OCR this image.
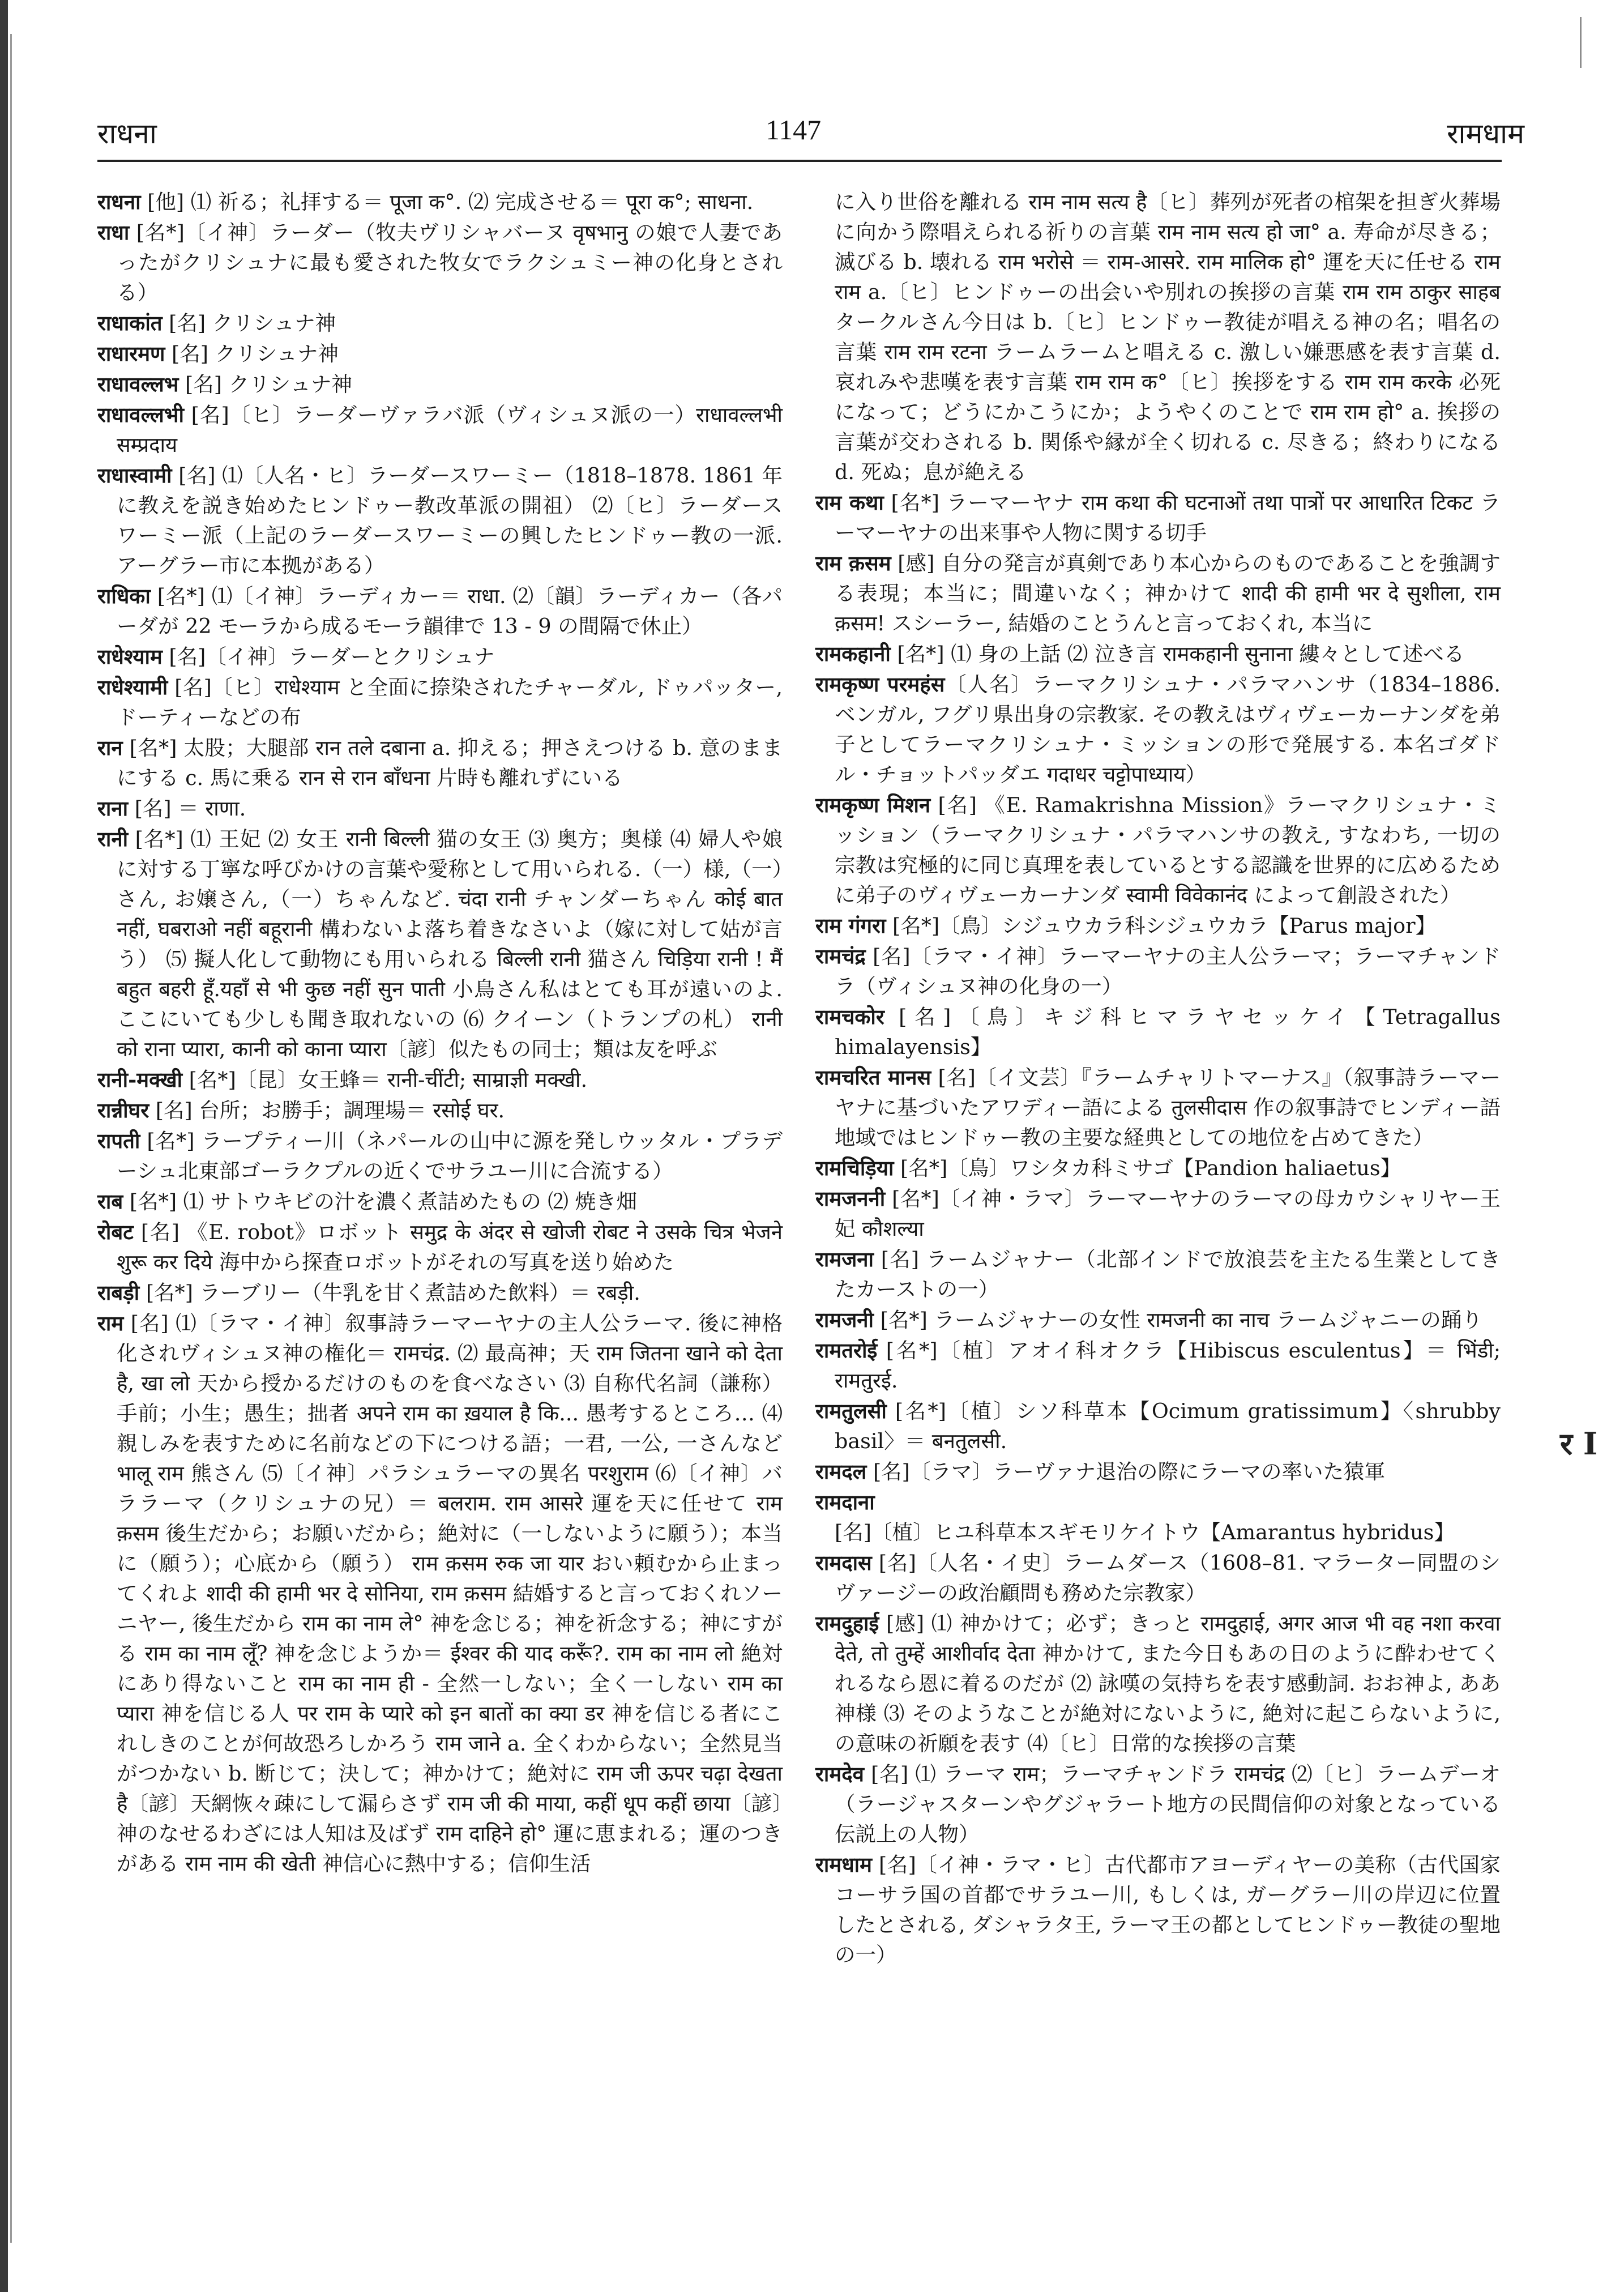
राधना	1147	रामधाम

राधना [他] ⑴ 祈る；礼拝する＝ पूजा क°. ⑵ 完成させる＝ पूरा क°; साधना.

राधा [名*]〔イ神〕ラーダー（牧夫ヴリシャバーヌ वृषभानु の娘で人妻であったがクリシュナに最も愛された牧女でラクシュミー神の化身とされる）

राधाकांत [名] クリシュナ神

राधारमण [名] クリシュナ神

राधावल्लभ [名] クリシュナ神

राधावल्लभी [名]〔ヒ〕ラーダーヴァラバ派（ヴィシュヌ派の一）राधावल्लभी सम्प्रदाय

राधास्वामी [名] ⑴〔人名・ヒ〕ラーダースワーミー（1818–1878. 1861 年に教えを説き始めたヒンドゥー教改革派の開祖） ⑵〔ヒ〕ラーダースワーミー派（上記のラーダースワーミーの興したヒンドゥー教の一派. アーグラー市に本拠がある）

राधिका [名*] ⑴〔イ神〕ラーディカー＝ राधा. ⑵〔韻〕ラーディカー（各パーダが 22 モーラから成るモーラ韻律で 13 - 9 の間隔で休止）

राधेश्याम [名]〔イ神〕ラーダーとクリシュナ

राधेश्यामी [名]〔ヒ〕राधेश्याम と全面に捺染されたチャーダル, ドゥパッター, ドーティーなどの布

रान [名*] 太股；大腿部 रान तले दबाना a. 抑える；押さえつける b. 意のままにする c. 馬に乗る रान से रान बाँधना 片時も離れずにいる

राना [名] ＝ राणा.

रानी [名*] ⑴ 王妃 ⑵ 女王 रानी बिल्ली 猫の女王 ⑶ 奥方；奥様 ⑷ 婦人や娘に対する丁寧な呼びかけの言葉や愛称として用いられる.（一）様,（一）さん, お嬢さん,（一）ちゃんなど. चंदा रानी チャンダーちゃん कोई बात नहीं, घबराओ नहीं बहूरानी 構わないよ落ち着きなさいよ（嫁に対して姑が言う） ⑸ 擬人化して動物にも用いられる बिल्ली रानी 猫さん चिड़िया रानी ! मैं बहुत बहरी हूँ.यहाँ से भी कुछ नहीं सुन पाती 小鳥さん私はとても耳が遠いのよ. ここにいても少しも聞き取れないの ⑹ クイーン（トランプの札） रानी को राना प्यारा, कानी को काना प्यारा〔諺〕似たもの同士；類は友を呼ぶ

रानी-मक्खी [名*]〔昆〕女王蜂＝ रानी-चींटी; साम्राज्ञी मक्खी.

रान्नीघर [名] 台所；お勝手；調理場＝ रसोई घर.

रापती [名*] ラープティー川（ネパールの山中に源を発しウッタル・プラデーシュ北東部ゴーラクプルの近くでサラユー川に合流する）

राब [名*] ⑴ サトウキビの汁を濃く煮詰めたもの ⑵ 焼き畑

रोबट [名] 《E. robot》ロボット समुद्र के अंदर से खोजी रोबट ने उसके चित्र भेजने शुरू कर दिये 海中から探査ロボットがそれの写真を送り始めた

राबड़ी [名*] ラーブリー（牛乳を甘く煮詰めた飲料）＝ रबड़ी.

राम [名] ⑴〔ラマ・イ神〕叙事詩ラーマーヤナの主人公ラーマ. 後に神格化されヴィシュヌ神の権化＝ रामचंद्र. ⑵ 最高神；天 राम जितना खाने को देता है, खा लो 天から授かるだけのものを食べなさい ⑶ 自称代名詞（謙称）手前；小生；愚生；拙者 अपने राम का ख़याल है कि... 愚考するところ… ⑷ 親しみを表すために名前などの下につける語；一君, 一公, 一さんなど भालू राम 熊さん ⑸〔イ神〕パラシュラーマの異名 परशुराम ⑹〔イ神〕バララーマ（クリシュナの兄）＝ बलराम. राम आसरे 運を天に任せて राम क़सम 後生だから；お願いだから；絶対に（一しないように願う）；本当に（願う）；心底から（願う） राम क़सम रुक जा यार おい頼むから止まってくれよ शादी की हामी भर दे सोनिया, राम क़सम 結婚すると言っておくれソーニヤー, 後生だから राम का नाम ले° 神を念じる；神を祈念する；神にすがる राम का नाम लूँ? 神を念じようか＝ ईश्वर की याद करूँ?. राम का नाम लो 絶対にあり得ないこと राम का नाम ही - 全然一しない；全く一しない राम का प्यारा 神を信じる人 पर राम के प्यारे को इन बातों का क्या डर 神を信じる者にこれしきのことが何故恐ろしかろう राम जाने a. 全くわからない；全然見当がつかない b. 断じて；決して；神かけて；絶対に राम जी ऊपर चढ़ा देखता है〔諺〕天網恢々疎にして漏らさず राम जी की माया, कहीं धूप कहीं छाया〔諺〕神のなせるわざには人知は及ばず राम दाहिने हो° 運に恵まれる；運のつきがある राम नाम की खेती 神信心に熱中する；信仰生活

に入り世俗を離れる राम नाम सत्य है〔ヒ〕葬列が死者の棺架を担ぎ火葬場に向かう際唱えられる祈りの言葉 राम नाम सत्य हो जा° a. 寿命が尽きる；滅びる b. 壊れる राम भरोसे ＝ राम-आसरे. राम मालिक हो° 運を天に任せる राम राम a.〔ヒ〕ヒンドゥーの出会いや別れの挨拶の言葉 राम राम ठाकुर साहब タークルさん今日は b.〔ヒ〕ヒンドゥー教徒が唱える神の名；唱名の言葉 राम राम रटना ラームラームと唱える c. 激しい嫌悪感を表す言葉 d. 哀れみや悲嘆を表す言葉 राम राम क°〔ヒ〕挨拶をする राम राम करके 必死になって；どうにかこうにか；ようやくのことで राम राम हो° a. 挨拶の言葉が交わされる b. 関係や縁が全く切れる c. 尽きる；終わりになる d. 死ぬ；息が絶える

राम कथा [名*] ラーマーヤナ राम कथा की घटनाओं तथा पात्रों पर आधारित टिकट ラーマーヤナの出来事や人物に関する切手

राम क़सम [感] 自分の発言が真剣であり本心からのものであることを強調する表現；本当に；間違いなく；神かけて शादी की हामी भर दे सुशीला, राम क़सम! スシーラー, 結婚のことうんと言っておくれ, 本当に

रामकहानी [名*] ⑴ 身の上話 ⑵ 泣き言 रामकहानी सुनाना 縷々として述べる

रामकृष्ण परमहंस〔人名〕ラーマクリシュナ・パラマハンサ（1834–1886. ベンガル, フグリ県出身の宗教家. その教えはヴィヴェーカーナンダを弟子としてラーマクリシュナ・ミッションの形で発展する. 本名ゴダドル・チョットパッダエ गदाधर चट्टोपाध्याय）

रामकृष्ण मिशन [名] 《E. Ramakrishna Mission》ラーマクリシュナ・ミッション（ラーマクリシュナ・パラマハンサの教え, すなわち, 一切の宗教は究極的に同じ真理を表しているとする認識を世界的に広めるために弟子のヴィヴェーカーナンダ स्वामी विवेकानंद によって創設された）

राम गंगरा [名*]〔鳥〕シジュウカラ科シジュウカラ【Parus major】

रामचंद्र [名]〔ラマ・イ神〕ラーマーヤナの主人公ラーマ；ラーマチャンドラ（ヴィシュヌ神の化身の一）

रामचकोर [名]〔鳥〕キジ科ヒマラヤセッケイ【Tetragallus himalayensis】

रामचरित मानस [名]〔イ文芸〕『ラームチャリトマーナス』（叙事詩ラーマーヤナに基づいたアワディー語による तुलसीदास 作の叙事詩でヒンディー語地域ではヒンドゥー教の主要な経典としての地位を占めてきた）

रामचिड़िया [名*]〔鳥〕ワシタカ科ミサゴ【Pandion haliaetus】

रामजननी [名*]〔イ神・ラマ〕ラーマーヤナのラーマの母カウシャリヤー王妃 कौशल्या

रामजना [名] ラームジャナー（北部インドで放浪芸を主たる生業としてきたカーストの一）

रामजनी [名*] ラームジャナーの女性 रामजनी का नाच ラームジャニーの踊り

रामतरोई [名*]〔植〕アオイ科オクラ【Hibiscus esculentus】＝ भिंडी; रामतुरई.

रामतुलसी [名*]〔植〕シソ科草本【Ocimum gratissimum】〈shrubby basil〉＝ बनतुलसी.

रामदल [名]〔ラマ〕ラーヴァナ退治の際にラーマの率いた猿軍

रामदाना [名]〔植〕ヒユ科草本スギモリケイトウ【Amarantus hybridus】

रामदास [名]〔人名・イ史〕ラームダース（1608–81. マラーター同盟のシヴァージーの政治顧問も務めた宗教家）

रामदुहाई [感] ⑴ 神かけて；必ず；きっと रामदुहाई, अगर आज भी वह नशा करवा देते, तो तुम्हें आशीर्वाद देता 神かけて, また今日もあの日のように酔わせてくれるなら恩に着るのだが ⑵ 詠嘆の気持ちを表す感動詞. おお神よ, ああ神様 ⑶ そのようなことが絶対にないように, 絶対に起こらないように, の意味の祈願を表す ⑷〔ヒ〕日常的な挨拶の言葉

रामदेव [名] ⑴ ラーマ राम；ラーマチャンドラ रामचंद्र ⑵〔ヒ〕ラームデーオ（ラージャスターンやグジャラート地方の民間信仰の対象となっている伝説上の人物）

रामधाम [名]〔イ神・ラマ・ヒ〕古代都市アヨーディヤーの美称（古代国家コーサラ国の首都でサラユー川, もしくは, ガーグラー川の岸辺に位置したとされる, ダシャラタ王, ラーマ王の都としてヒンドゥー教徒の聖地の一）

र I
